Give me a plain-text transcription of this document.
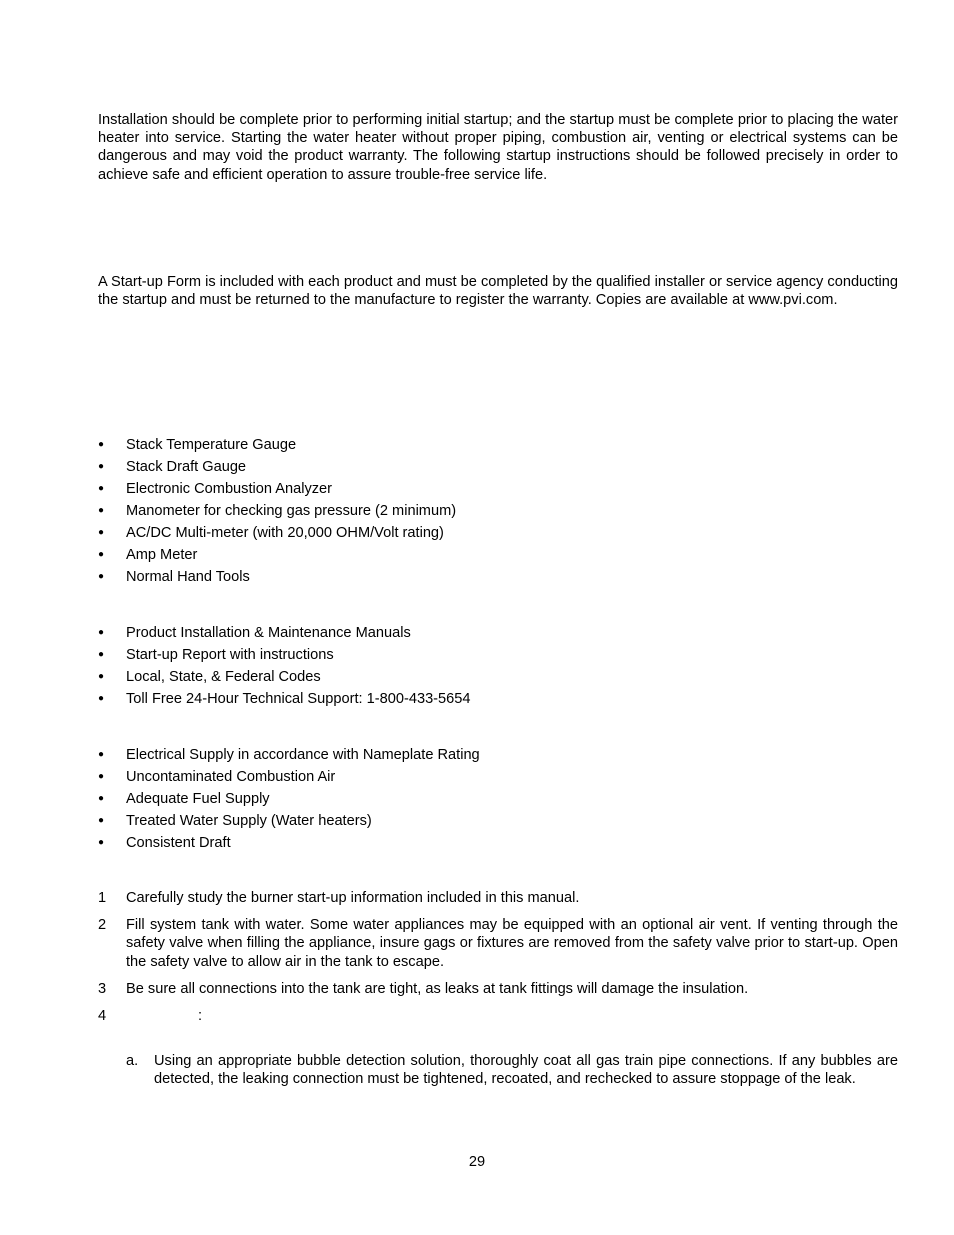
Installation should be complete prior to performing initial startup; and the startup must be complete prior to placing the water heater into service. Starting the water heater without proper piping, combustion air, venting or electrical systems can be dangerous and may void the product warranty. The following startup instructions should be followed precisely in order to achieve safe and efficient operation to assure trouble-free service life.

A Start-up Form is included with each product and must be completed by the qualified installer or service agency conducting the startup and must be returned to the manufacture to register the warranty. Copies are available at www.pvi.com.

● Stack Temperature Gauge
● Stack Draft Gauge
● Electronic Combustion Analyzer
● Manometer for checking gas pressure (2 minimum)
● AC/DC Multi-meter (with 20,000 OHM/Volt rating)
● Amp Meter
● Normal Hand Tools
● Product Installation & Maintenance Manuals
● Start-up Report with instructions
● Local, State, & Federal Codes
● Toll Free 24-Hour Technical Support: 1-800-433-5654
● Electrical Supply in accordance with Nameplate Rating
● Uncontaminated Combustion Air
● Adequate Fuel Supply
● Treated Water Supply (Water heaters)
● Consistent Draft
1 Carefully study the burner start-up information included in this manual.
2 Fill system tank with water. Some water appliances may be equipped with an optional air vent. If venting through the safety valve when filling the appliance, insure gags or fixtures are removed from the safety valve prior to start-up. Open the safety valve to allow air in the tank to escape.
3 Be sure all connections into the tank are tight, as leaks at tank fittings will damage the insulation.
4	:
a.	Using an appropriate bubble detection solution, thoroughly coat all gas train pipe connections. If any bubbles are detected, the leaking connection must be tightened, recoated, and rechecked to assure stoppage of the leak.
29
